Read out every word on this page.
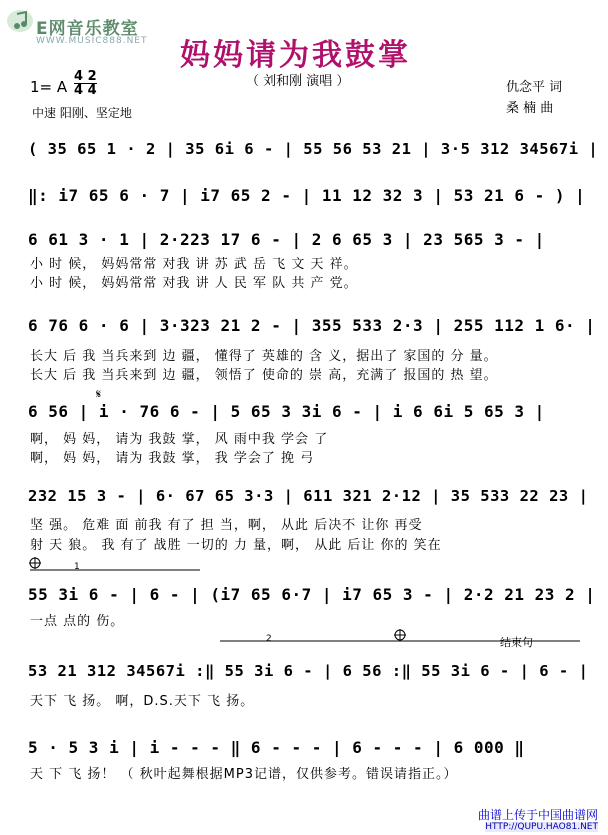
E网音乐教室
WWW.MUSIC888.NET 妈妈请为我鼓掌
（ 刘和刚 演唱 ）
1= A
4 2
4 4
中速 阳刚、坚定地
仇念平 词
桑 楠 曲
( 35 65 1 · 2 | 35 6i 6 - | 55 56 53 21 | 3·5 312 34567i |
‖: i7 65 6 · 7 | i7 65 2 - | 11 12 32 3 | 53 21 6 - ) |
6 61 3 · 1 | 2·223 17 6 - | 2 6 65 3 | 23 565 3 - |
6 76 6 · 6 | 3·323 21 2 - | 355 533 2·3 | 255 112 1 6· |
6 56 | i · 76 6 - | 5 65 3 3i 6 - | i 6 6i 5 65 3 |
232 15 3 - | 6· 67 65 3·3 | 611 321 2·12 | 35 533 22 23 |
55 3i 6 - | 6 - | (i7 65 6·7 | i7 65 3 - | 2·2 21 23 2 |
53 21 312 34567i :‖ 55 3i 6 - | 6 56 :‖ 55 3i 6 - | 6 - |
5 · 5 3 i | i - - - ‖ 6 - - - | 6 - - - | 6 000 ‖
小 时 候， 妈妈常常 对我 讲 苏 武 岳 飞 文 天 祥。
小 时 候， 妈妈常常 对我 讲 人 民 军 队 共 产 党。
长大 后 我 当兵来到 边 疆， 懂得了 英雄的 含 义，据出了 家国的 分 量。
长大 后 我 当兵来到 边 疆， 领悟了 使命的 崇 高，充满了 报国的 热 望。
啊， 妈 妈， 请为 我鼓 掌， 风 雨中我 学会 了
啊， 妈 妈， 请为 我鼓 掌， 我 学会了 挽 弓
坚 强。 危难 面 前我 有了 担 当，啊， 从此 后决不 让你 再受
射 天 狼。 我 有了 战胜 一切的 力 量，啊， 从此 后让 你的 笑在
一点 点的 伤。
天下 飞 扬。 啊，D.S.天下 飞 扬。
天 下 飞 扬！ （ 秋叶起舞根据MP3记谱，仅供参考。错误请指正。）
结束句
𝄋
1
2
曲谱上传于中国曲谱网
HTTP://QUPU.HAO81.NET
